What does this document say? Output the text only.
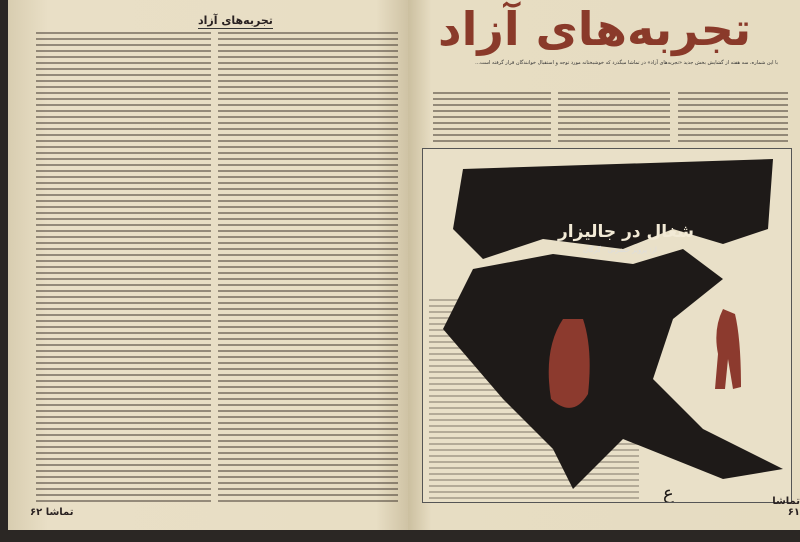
تجربه‌های آزاد
تماشا ۶۲
تجربه‌های آزاد
با این شماره، سه هفته از گشایش بخش جدید «تجربه‌های آزاد» در تماشا میگذرد که خوشبختانه مورد توجه و استقبال خوانندگان قرار گرفته است...
ع
شغال در جالیزار
از: پرویز حضرتی - گرگان
تماشا ۶۱
